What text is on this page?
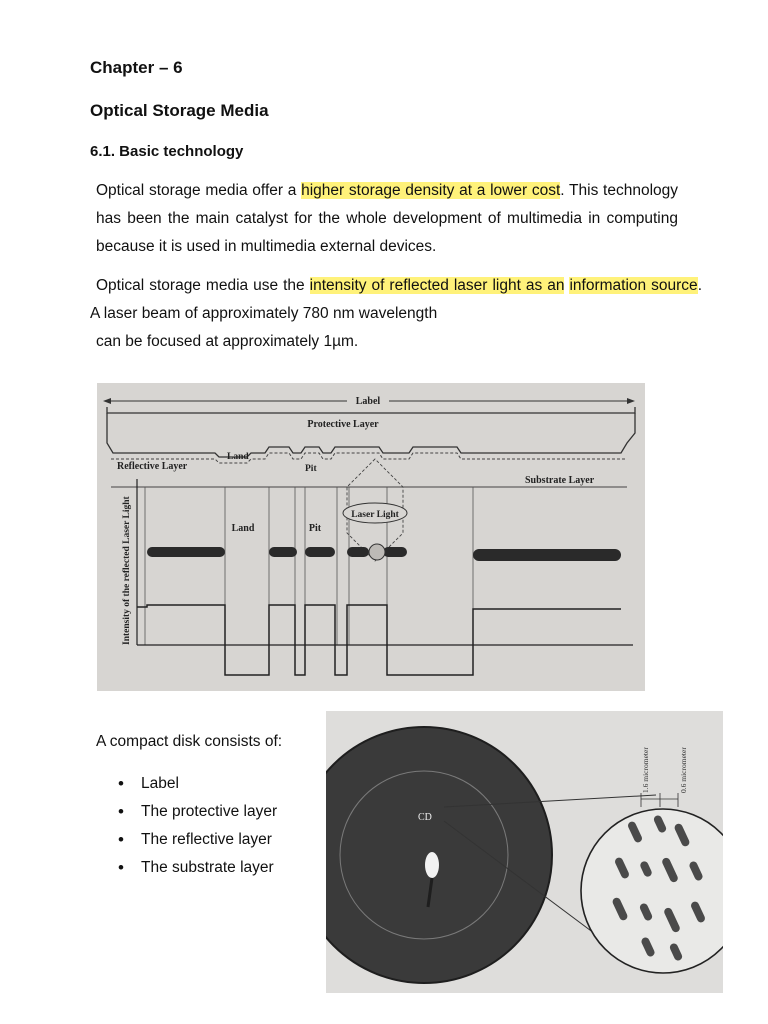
Chapter – 6
Optical Storage Media
6.1. Basic technology
Optical storage media offer a higher storage density at a lower cost. This technology has been the main catalyst for the whole development of multimedia in computing because it is used in multimedia external devices.
Optical storage media use the intensity of reflected laser light as an information source. A laser beam of approximately 780 nm wavelength
can be focused at approximately 1µm.
Label
Protective Layer
Reflective Layer
Land
Pit
Substrate Layer
Laser Light
Land	Pit
Intensity of the reflected Laser Light
A compact disk consists of:
• Label
• The protective layer
• The reflective layer
• The substrate layer
CD
1.6 micrometer	0.6 micrometer
